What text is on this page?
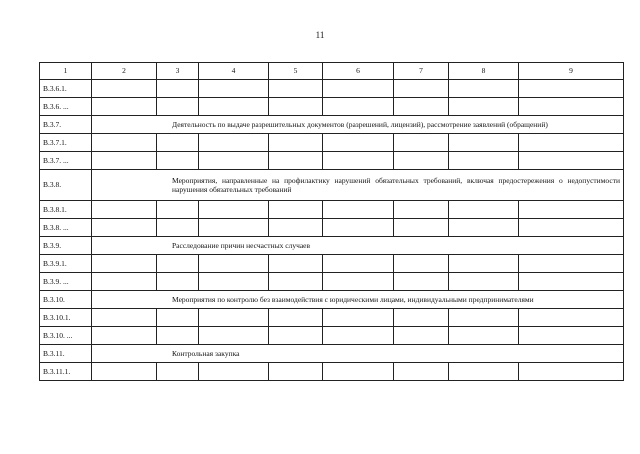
11
1	2	3	4	5	6	7	8	9
В.3.6.1.								
В.3.6. ...								
В.3.7.	Деятельность по выдаче разрешительных документов (разрешений, лицензий), рассмотрение заявлений (обращений)							
В.3.7.1.								
В.3.7. ...								
В.3.8.	Мероприятия, направленные на профилактику нарушений обязательных требований, включая предостережения о недопустимости нарушения обязательных требований							
В.3.8.1.								
В.3.8. ...								
В.3.9.	Расследование причин несчастных случаев							
В.3.9.1.								
В.3.9. ...								
В.3.10.	Мероприятия по контролю без взаимодействия с юридическими лицами, индивидуальными предпринимателями							
В.3.10.1.								
В.3.10. ...								
В.3.11.	Контрольная закупка							
В.3.11.1.								
